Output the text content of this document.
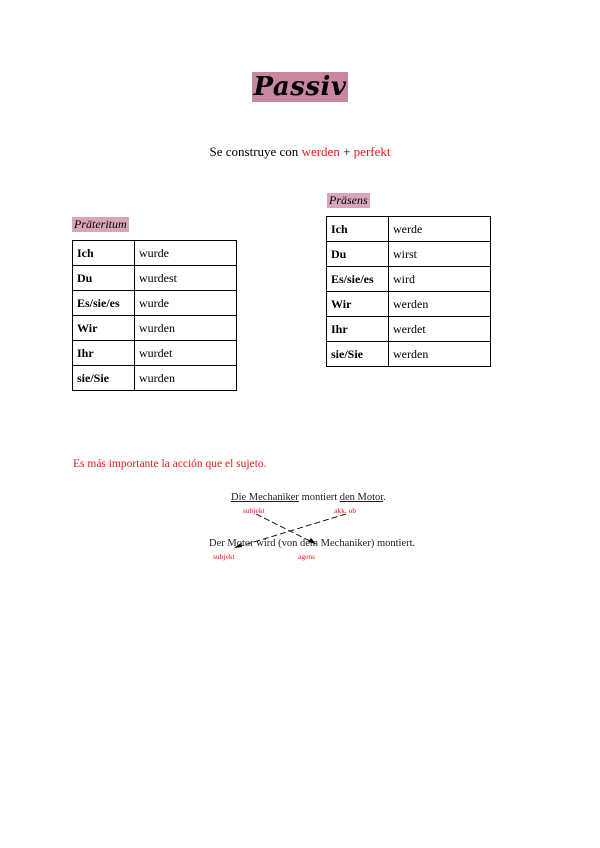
Passiv
Se construye con werden + perfekt
Präsens
Ich	werde
Du	wirst
Es/sie/es	wird
Wir	werden
Ihr	werdet
sie/Sie	werden
Präteritum
Ich	wurde
Du	wurdest
Es/sie/es	wurde
Wir	wurden
Ihr	wurdet
sie/Sie	wurden
Es más importante la acción que el sujeto.
Die Mechaniker montiert den Motor.
subjekt	akk. ob
Der Motor wird (von dem Mechaniker) montiert.
subjekt	agens
